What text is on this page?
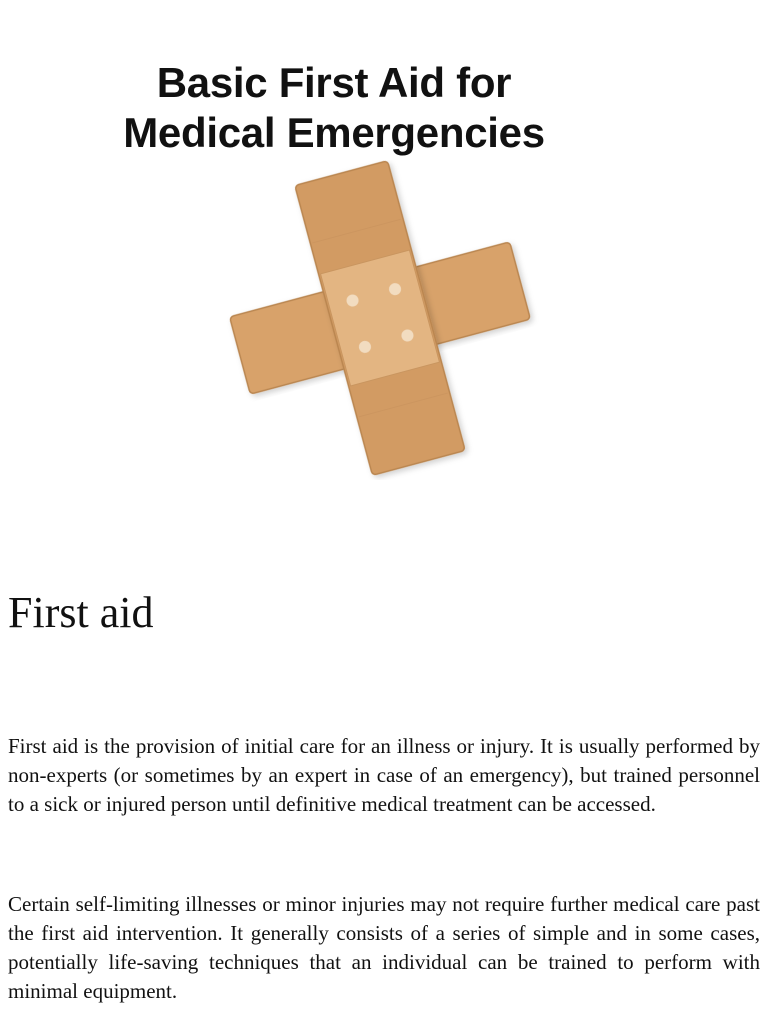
Basic First Aid for
Medical Emergencies
First aid

First aid is the provision of initial care for an illness or injury. It is usually performed by non-experts (or sometimes by an expert in case of an emergency), but trained personnel to a sick or injured person until definitive medical treatment can be accessed.

Certain self-limiting illnesses or minor injuries may not require further medical care past the first aid intervention. It generally consists of a series of simple and in some cases, potentially life-saving techniques that an individual can be trained to perform with minimal equipment.
